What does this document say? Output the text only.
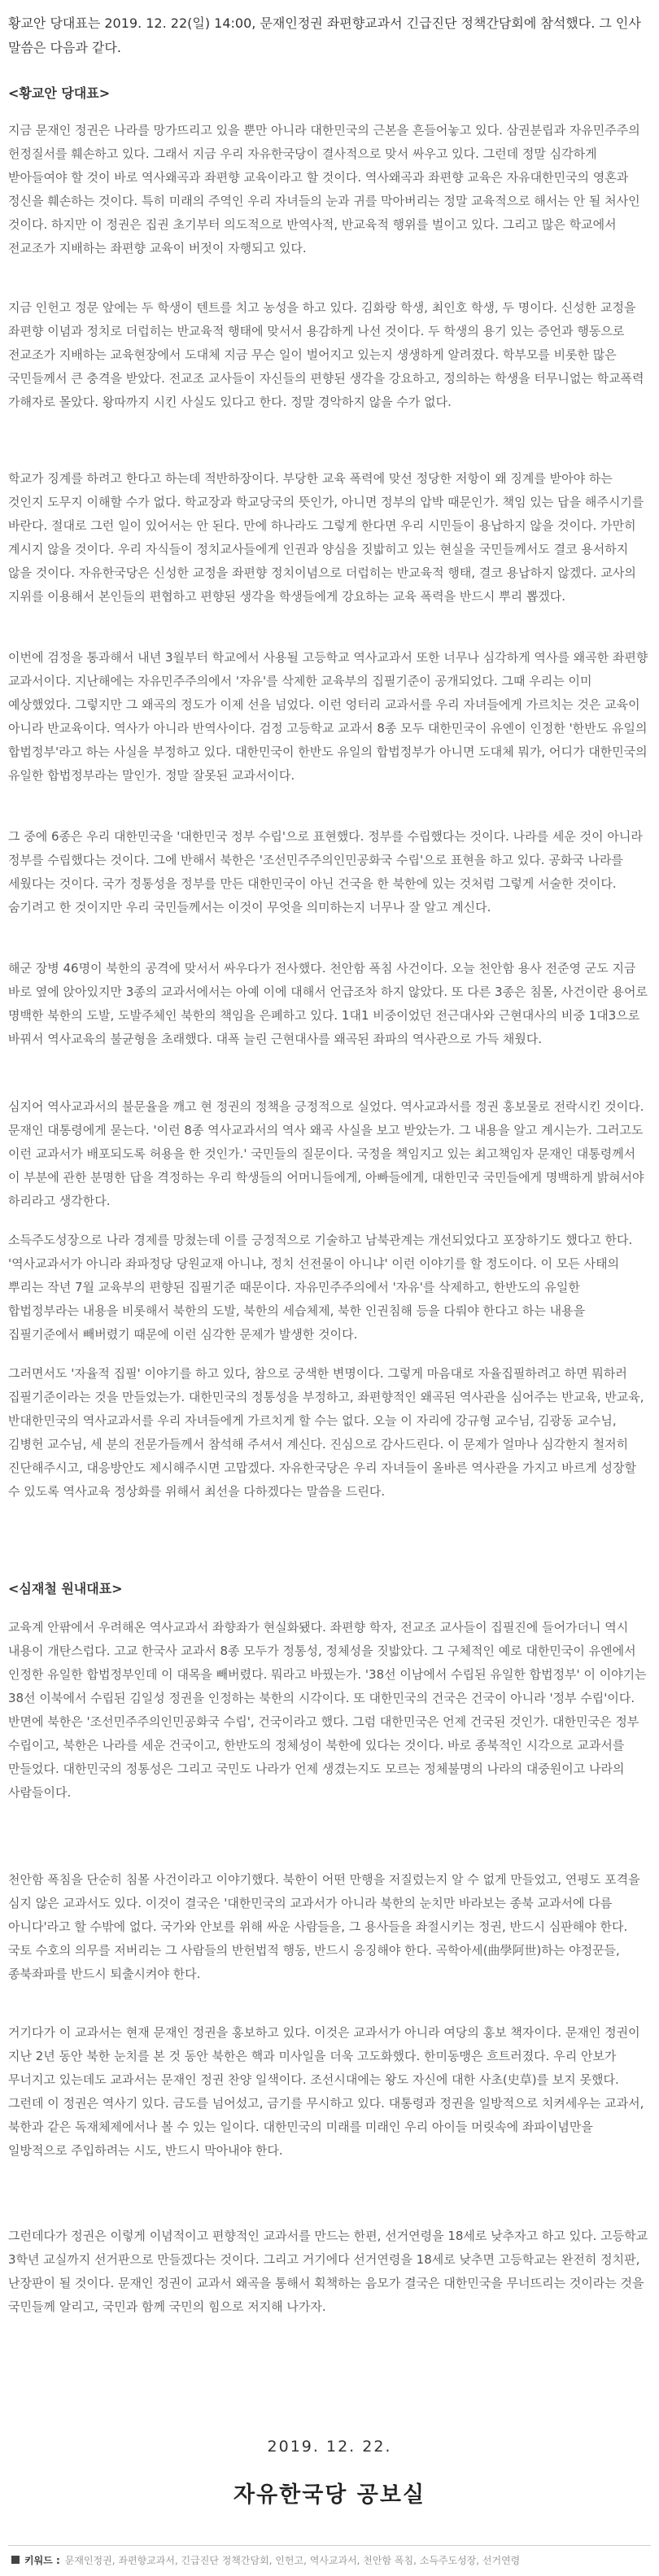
황교안 당대표는 2019. 12. 22(일) 14:00, 문재인정권 좌편향교과서 긴급진단 정책간담회에 참석했다. 그 인사말씀은 다음과 같다.
<황교안 당대표>
지금 문재인 정권은 나라를 망가뜨리고 있을 뿐만 아니라 대한민국의 근본을 흔들어놓고 있다. 삼권분립과 자유민주주의 헌정질서를 훼손하고 있다. 그래서 지금 우리 자유한국당이 결사적으로 맞서 싸우고 있다. 그런데 정말 심각하게 받아들여야 할 것이 바로 역사왜곡과 좌편향 교육이라고 할 것이다. 역사왜곡과 좌편향 교육은 자유대한민국의 영혼과 정신을 훼손하는 것이다. 특히 미래의 주역인 우리 자녀들의 눈과 귀를 막아버리는 정말 교육적으로 해서는 안 될 처사인 것이다. 하지만 이 정권은 집권 초기부터 의도적으로 반역사적, 반교육적 행위를 벌이고 있다. 그리고 많은 학교에서 전교조가 지배하는 좌편향 교육이 버젓이 자행되고 있다.
지금 인헌고 정문 앞에는 두 학생이 텐트를 치고 농성을 하고 있다. 김화랑 학생, 최인호 학생, 두 명이다. 신성한 교정을 좌편향 이념과 정치로 더럽히는 반교육적 행태에 맞서서 용감하게 나선 것이다. 두 학생의 용기 있는 증언과 행동으로 전교조가 지배하는 교육현장에서 도대체 지금 무슨 일이 벌어지고 있는지 생생하게 알려졌다. 학부모를 비롯한 많은 국민들께서 큰 충격을 받았다. 전교조 교사들이 자신들의 편향된 생각을 강요하고, 정의하는 학생을 터무니없는 학교폭력 가해자로 몰았다. 왕따까지 시킨 사실도 있다고 한다. 정말 경악하지 않을 수가 없다.
학교가 징계를 하려고 한다고 하는데 적반하장이다. 부당한 교육 폭력에 맞선 정당한 저항이 왜 징계를 받아야 하는 것인지 도무지 이해할 수가 없다. 학교장과 학교당국의 뜻인가, 아니면 정부의 압박 때문인가. 책임 있는 답을 해주시기를 바란다. 절대로 그런 일이 있어서는 안 된다. 만에 하나라도 그렇게 한다면 우리 시민들이 용납하지 않을 것이다. 가만히 계시지 않을 것이다. 우리 자식들이 정치교사들에게 인권과 양심을 짓밟히고 있는 현실을 국민들께서도 결코 용서하지 않을 것이다. 자유한국당은 신성한 교정을 좌편향 정치이념으로 더럽히는 반교육적 행태, 결코 용납하지 않겠다. 교사의 지위를 이용해서 본인들의 편협하고 편향된 생각을 학생들에게 강요하는 교육 폭력을 반드시 뿌리 뽑겠다.
이번에 검정을 통과해서 내년 3월부터 학교에서 사용될 고등학교 역사교과서 또한 너무나 심각하게 역사를 왜곡한 좌편향 교과서이다. 지난해에는 자유민주주의에서 '자유'를 삭제한 교육부의 집필기준이 공개되었다. 그때 우리는 이미 예상했었다. 그렇지만 그 왜곡의 정도가 이제 선을 넘었다. 이런 엉터리 교과서를 우리 자녀들에게 가르치는 것은 교육이 아니라 반교육이다. 역사가 아니라 반역사이다. 검정 고등학교 교과서 8종 모두 대한민국이 유엔이 인정한 '한반도 유일의 합법정부'라고 하는 사실을 부정하고 있다. 대한민국이 한반도 유일의 합법정부가 아니면 도대체 뭐가, 어디가 대한민국의 유일한 합법정부라는 말인가. 정말 잘못된 교과서이다.
그 중에 6종은 우리 대한민국을 '대한민국 정부 수립'으로 표현했다. 정부를 수립했다는 것이다. 나라를 세운 것이 아니라 정부를 수립했다는 것이다. 그에 반해서 북한은 '조선민주주의인민공화국 수립'으로 표현을 하고 있다. 공화국 나라를 세웠다는 것이다. 국가 정통성을 정부를 만든 대한민국이 아닌 건국을 한 북한에 있는 것처럼 그렇게 서술한 것이다. 숨기려고 한 것이지만 우리 국민들께서는 이것이 무엇을 의미하는지 너무나 잘 알고 계신다.
해군 장병 46명이 북한의 공격에 맞서서 싸우다가 전사했다. 천안함 폭침 사건이다. 오늘 천안함 용사 전준영 군도 지금 바로 옆에 앉아있지만 3종의 교과서에서는 아예 이에 대해서 언급조차 하지 않았다. 또 다른 3종은 침몰, 사건이란 용어로 명백한 북한의 도발, 도발주체인 북한의 책임을 은폐하고 있다. 1대1 비중이었던 전근대사와 근현대사의 비중 1대3으로 바꿔서 역사교육의 불균형을 초래했다. 대폭 늘린 근현대사를 왜곡된 좌파의 역사관으로 가득 채웠다.
심지어 역사교과서의 불문율을 깨고 현 정권의 정책을 긍정적으로 실었다. 역사교과서를 정권 홍보물로 전락시킨 것이다. 문재인 대통령에게 묻는다. '이런 8종 역사교과서의 역사 왜곡 사실을 보고 받았는가. 그 내용을 알고 계시는가. 그러고도 이런 교과서가 배포되도록 허용을 한 것인가.' 국민들의 질문이다. 국정을 책임지고 있는 최고책임자 문재인 대통령께서 이 부분에 관한 분명한 답을 격정하는 우리 학생들의 어머니들에게, 아빠들에게, 대한민국 국민들에게 명백하게 밝혀서야 하리라고 생각한다.
소득주도성장으로 나라 경제를 망쳤는데 이를 긍정적으로 기술하고 남북관계는 개선되었다고 포장하기도 했다고 한다. '역사교과서가 아니라 좌파정당 당원교재 아니냐, 정치 선전물이 아니냐' 이런 이야기를 할 정도이다. 이 모든 사태의 뿌리는 작년 7월 교육부의 편향된 집필기준 때문이다. 자유민주주의에서 '자유'를 삭제하고, 한반도의 유일한 합법정부라는 내용을 비롯해서 북한의 도발, 북한의 세습체제, 북한 인권침해 등을 다뤄야 한다고 하는 내용을 집필기준에서 빼버렸기 때문에 이런 심각한 문제가 발생한 것이다.
그러면서도 '자율적 집필' 이야기를 하고 있다, 참으로 궁색한 변명이다. 그렇게 마음대로 자율집필하려고 하면 뭐하러 집필기준이라는 것을 만들었는가. 대한민국의 정통성을 부정하고, 좌편향적인 왜곡된 역사관을 심어주는 반교육, 반교육, 반대한민국의 역사교과서를 우리 자녀들에게 가르치게 할 수는 없다. 오늘 이 자리에 강규형 교수님, 김광동 교수님, 김병헌 교수님, 세 분의 전문가들께서 참석해 주셔서 계신다. 진심으로 감사드린다. 이 문제가 얼마나 심각한지 철저히 진단해주시고, 대응방안도 제시해주시면 고맙겠다. 자유한국당은 우리 자녀들이 올바른 역사관을 가지고 바르게 성장할 수 있도록 역사교육 정상화를 위해서 최선을 다하겠다는 말씀을 드린다.
<심재철 원내대표>
교육계 안팎에서 우려해온 역사교과서 좌향좌가 현실화됐다. 좌편향 학자, 전교조 교사들이 집필진에 들어가더니 역시 내용이 개탄스럽다. 고교 한국사 교과서 8종 모두가 정통성, 정체성을 짓밟았다. 그 구체적인 예로 대한민국이 유엔에서 인정한 유일한 합법정부인데 이 대목을 빼버렸다. 뭐라고 바꿨는가. '38선 이남에서 수립된 유일한 합법정부' 이 이야기는 38선 이북에서 수립된 김일성 정권을 인정하는 북한의 시각이다. 또 대한민국의 건국은 건국이 아니라 '정부 수립'이다. 반면에 북한은 '조선민주주의인민공화국 수립', 건국이라고 했다. 그럼 대한민국은 언제 건국된 것인가. 대한민국은 정부 수립이고, 북한은 나라를 세운 건국이고, 한반도의 정체성이 북한에 있다는 것이다. 바로 종북적인 시각으로 교과서를 만들었다. 대한민국의 정통성은 그리고 국민도 나라가 언제 생겼는지도 모르는 정체불명의 나라의 대중원이고 나라의 사람들이다.
천안함 폭침을 단순히 침몰 사건이라고 이야기했다. 북한이 어떤 만행을 저질렀는지 알 수 없게 만들었고, 연평도 포격을 심지 않은 교과서도 있다. 이것이 결국은 '대한민국의 교과서가 아니라 북한의 눈치만 바라보는 종북 교과서에 다름 아니다'라고 할 수밖에 없다. 국가와 안보를 위해 싸운 사람들을, 그 용사들을 좌절시키는 정권, 반드시 심판해야 한다. 국토 수호의 의무를 저버리는 그 사람들의 반헌법적 행동, 반드시 응징해야 한다. 곡학아세(曲學阿世)하는 야정꾼들, 종북좌파를 반드시 퇴출시켜야 한다.
거기다가 이 교과서는 현재 문재인 정권을 홍보하고 있다. 이것은 교과서가 아니라 여당의 홍보 책자이다. 문재인 정권이 지난 2년 동안 북한 눈치를 본 것 동안 북한은 핵과 미사일을 더욱 고도화했다. 한미동맹은 흐트러졌다. 우리 안보가 무너지고 있는데도 교과서는 문재인 정권 찬양 일색이다. 조선시대에는 왕도 자신에 대한 사초(史草)를 보지 못했다. 그런데 이 정권은 역사기 있다. 금도를 넘어섰고, 금기를 무시하고 있다. 대통령과 정권을 일방적으로 치켜세우는 교과서, 북한과 같은 독재체제에서나 볼 수 있는 일이다. 대한민국의 미래를 미래인 우리 아이들 머릿속에 좌파이념만을 일방적으로 주입하려는 시도, 반드시 막아내야 한다.
그런데다가 정권은 이렇게 이념적이고 편향적인 교과서를 만드는 한편, 선거연령을 18세로 낮추자고 하고 있다. 고등학교 3학년 교실까지 선거판으로 만들겠다는 것이다. 그리고 거기에다 선거연령을 18세로 낮추면 고등학교는 완전히 정치판, 난장판이 될 것이다. 문재인 정권이 교과서 왜곡을 통해서 획책하는 음모가 결국은 대한민국을 무너뜨리는 것이라는 것을 국민들께 알리고, 국민과 함께 국민의 힘으로 저지해 나가자.
2019. 12. 22.
자유한국당 공보실
키워드 : 문재인정권, 좌편향교과서, 긴급진단 정책간담회, 인헌고, 역사교과서, 천안함 폭침, 소득주도성장, 선거연령
